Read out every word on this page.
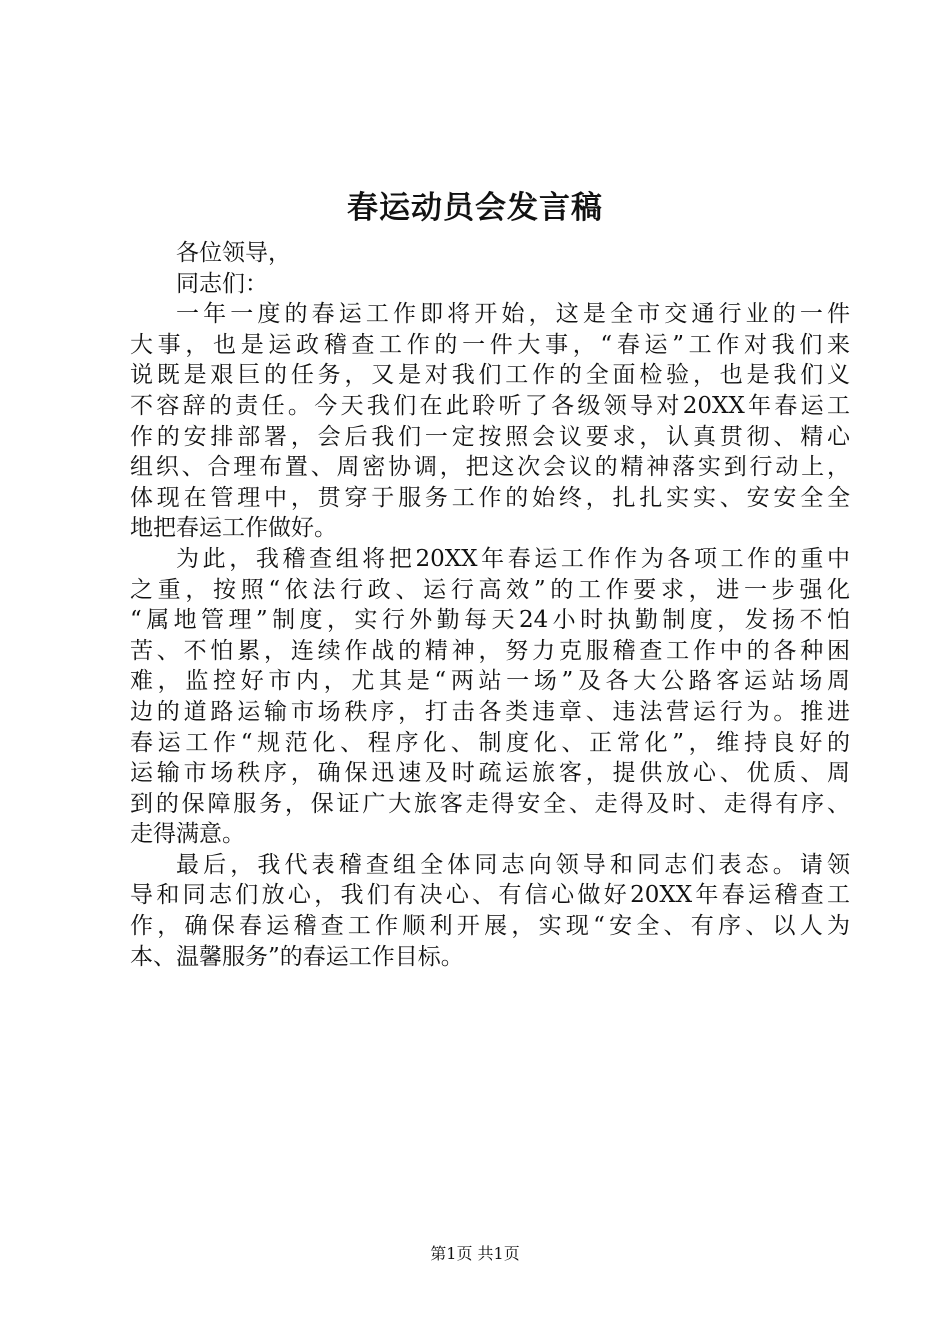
春运动员会发言稿
各位领导，
同志们：
一年一度的春运工作即将开始，这是全市交通行业的一件
大事，也是运政稽查工作的一件大事，“春运”工作对我们来
说既是艰巨的任务，又是对我们工作的全面检验，也是我们义
不容辞的责任。今天我们在此聆听了各级领导对20XX年春运工
作的安排部署，会后我们一定按照会议要求，认真贯彻、精心
组织、合理布置、周密协调，把这次会议的精神落实到行动上，
体现在管理中，贯穿于服务工作的始终，扎扎实实、安安全全
地把春运工作做好。
为此，我稽查组将把20XX年春运工作作为各项工作的重中
之重，按照“依法行政、运行高效”的工作要求，进一步强化
“属地管理”制度，实行外勤每天24小时执勤制度，发扬不怕
苦、不怕累，连续作战的精神，努力克服稽查工作中的各种困
难，监控好市内，尤其是“两站一场”及各大公路客运站场周
边的道路运输市场秩序，打击各类违章、违法营运行为。推进
春运工作“规范化、程序化、制度化、正常化”，维持良好的
运输市场秩序，确保迅速及时疏运旅客，提供放心、优质、周
到的保障服务，保证广大旅客走得安全、走得及时、走得有序、
走得满意。
最后，我代表稽查组全体同志向领导和同志们表态。请领
导和同志们放心，我们有决心、有信心做好20XX年春运稽查工
作，确保春运稽查工作顺利开展，实现“安全、有序、以人为
本、温馨服务”的春运工作目标。
第1页 共1页
